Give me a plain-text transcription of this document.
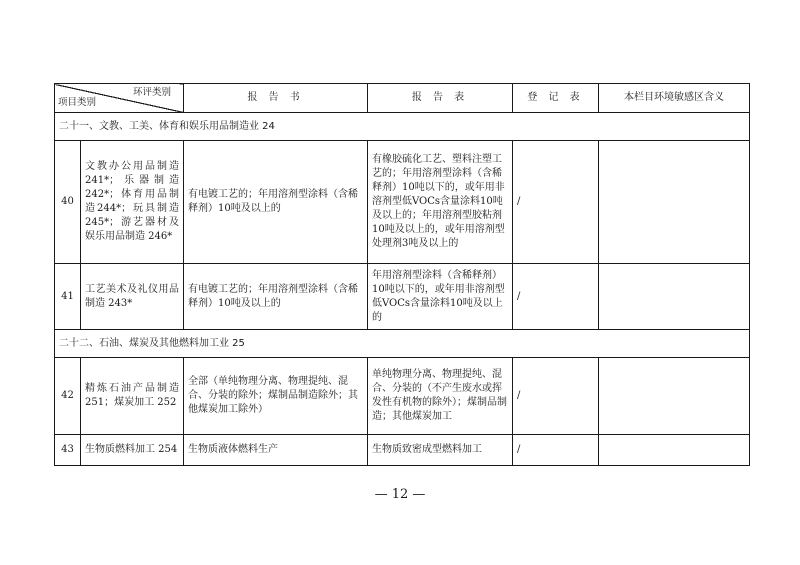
环评类别
项目类别		报 告 书	报 告 表	登 记 表	本栏目环境敏感区含义
二十一、文教、工美、体育和娱乐用品制造业 24					
40	文教办公用品制造241*；乐器制造242*；体育用品制造244*；玩具制造245*；游艺器材及娱乐用品制造 246*	有电镀工艺的；年用溶剂型涂料（含稀释剂）10吨及以上的	有橡胶硫化工艺、塑料注塑工艺的；年用溶剂型涂料（含稀释剂）10吨以下的，或年用非溶剂型低VOCs含量涂料10吨及以上的；年用溶剂型胶粘剂10吨及以上的，或年用溶剂型处理剂3吨及以上的	/	
41	工艺美术及礼仪用品制造 243*	有电镀工艺的；年用溶剂型涂料（含稀释剂）10吨及以上的	年用溶剂型涂料（含稀释剂）10吨以下的，或年用非溶剂型低VOCs含量涂料10吨及以上的	/	
二十二、石油、煤炭及其他燃料加工业 25					
42	精炼石油产品制造251；煤炭加工 252	全部（单纯物理分离、物理提纯、混合、分装的除外；煤制品制造除外；其他煤炭加工除外）	单纯物理分离、物理提纯、混合、分装的（不产生废水或挥发性有机物的除外）；煤制品制造；其他煤炭加工	/	
43	生物质燃料加工 254	生物质液体燃料生产	生物质致密成型燃料加工	/	
— 12 —
